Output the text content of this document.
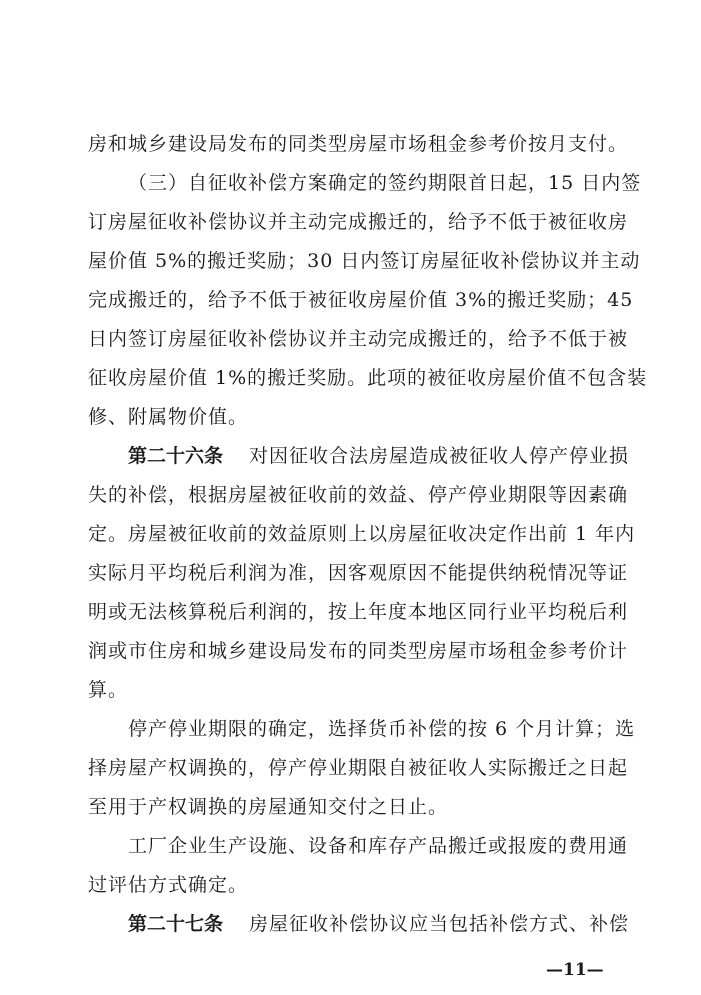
房和城乡建设局发布的同类型房屋市场租金参考价按月支付。
（三）自征收补偿方案确定的签约期限首日起，15 日内签
订房屋征收补偿协议并主动完成搬迁的，给予不低于被征收房
屋价值 5%的搬迁奖励；30 日内签订房屋征收补偿协议并主动
完成搬迁的，给予不低于被征收房屋价值 3%的搬迁奖励；45
日内签订房屋征收补偿协议并主动完成搬迁的，给予不低于被
征收房屋价值 1%的搬迁奖励。此项的被征收房屋价值不包含装
修、附属物价值。
第二十六条 对因征收合法房屋造成被征收人停产停业损
失的补偿，根据房屋被征收前的效益、停产停业期限等因素确
定。房屋被征收前的效益原则上以房屋征收决定作出前 1 年内
实际月平均税后利润为准，因客观原因不能提供纳税情况等证
明或无法核算税后利润的，按上年度本地区同行业平均税后利
润或市住房和城乡建设局发布的同类型房屋市场租金参考价计
算。
停产停业期限的确定，选择货币补偿的按 6 个月计算；选
择房屋产权调换的，停产停业期限自被征收人实际搬迁之日起
至用于产权调换的房屋通知交付之日止。
工厂企业生产设施、设备和库存产品搬迁或报废的费用通
过评估方式确定。
第二十七条 房屋征收补偿协议应当包括补偿方式、补偿
—11—
